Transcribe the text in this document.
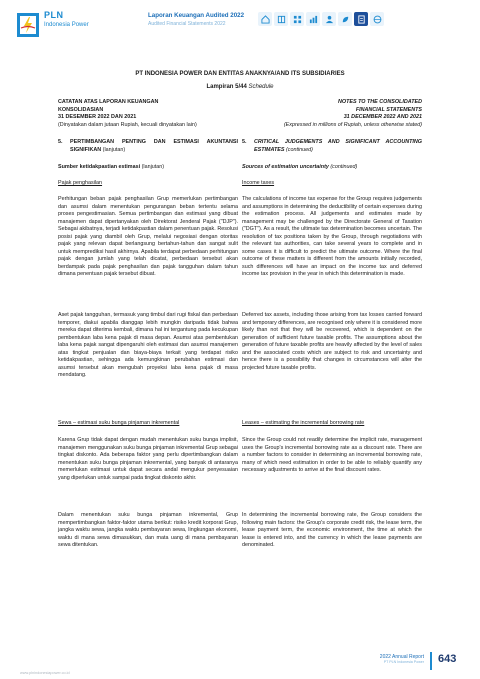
PLN
Indonesia Power
Laporan Keuangan Audited 2022
Audited Financial Statements 2022
PT INDONESIA POWER DAN ENTITAS ANAKNYA/AND ITS SUBSIDIARIES
Lampiran 5/44 Schedule
CATATAN ATAS LAPORAN KEUANGAN
KONSOLIDASIAN
31 DESEMBER 2022 DAN 2021
(Dinyatakan dalam jutaan Rupiah, kecuali dinyatakan lain)
5.	PERTIMBANGAN PENTING DAN ESTIMASI AKUNTANSI SIGNIFIKAN (lanjutan)
Sumber ketidakpastian estimasi (lanjutan)
Pajak penghasilan
Perhitungan beban pajak penghasilan Grup memerlukan pertimbangan dan asumsi dalam menentukan pengurangan beban tertentu selama proses pengestimasian. Semua pertimbangan dan estimasi yang dibuat manajemen dapat dipertanyakan oleh Direktorat Jenderal Pajak ("DJP"). Sebagai akibatnya, terjadi ketidakpastian dalam penentuan pajak. Resolusi posisi pajak yang diambil oleh Grup, melalui negosiasi dengan otoritas pajak yang relevan dapat berlangsung bertahun-tahun dan sangat sulit untuk memprediksi hasil akhirnya. Apabila terdapat perbedaan perhitungan pajak dengan jumlah yang telah dicatat, perbedaan tersebut akan berdampak pada pajak penghasilan dan pajak tangguhan dalam tahun dimana penentuan pajak tersebut dibuat.
Aset pajak tangguhan, termasuk yang timbul dari rugi fiskal dan perbedaan temporer, diakui apabila dianggap lebih mungkin daripada tidak bahwa mereka dapat diterima kembali, dimana hal ini tergantung pada kecukupan pembentukan laba kena pajak di masa depan. Asumsi atas pembentukan laba kena pajak sangat dipengaruhi oleh estimasi dan asumsi manajemen atas tingkat penjualan dan biaya-biaya terkait yang terdapat risiko ketidakpastian, sehingga ada kemungkinan perubahan estimasi dan asumsi tersebut akan mengubah proyeksi laba kena pajak di masa mendatang.
Sewa – estimasi suku bunga pinjaman inkremental
Karena Grup tidak dapat dengan mudah menentukan suku bunga implisit, manajemen menggunakan suku bunga pinjaman inkremental Grup sebagai tingkat diskonto. Ada beberapa faktor yang perlu dipertimbangkan dalam menentukan suku bunga pinjaman inkremental, yang banyak di antaranya memerlukan estimasi untuk dapat secara andal mengukur penyesuaian yang diperlukan untuk sampai pada tingkat diskonto akhir.
Dalam menentukan suku bunga pinjaman inkremental, Grup mempertimbangkan faktor-faktor utama berikut: risiko kredit korporat Grup, jangka waktu sewa, jangka waktu pembayaran sewa, lingkungan ekonomi, waktu di mana sewa dimasukkan, dan mata uang di mana pembayaran sewa ditentukan.
NOTES TO THE CONSOLIDATED
FINANCIAL STATEMENTS
31 DECEMBER 2022 AND 2021
(Expressed in millions of Rupiah, unless otherwise stated)
5.	CRITICAL JUDGEMENTS AND SIGNIFICANT ACCOUNTING ESTIMATES (continued)
Sources of estimation uncertainty (continued)
Income taxes
The calculations of income tax expense for the Group requires judgements and assumptions in determining the deductibility of certain expenses during the estimation process. All judgements and estimates made by management may be challenged by the Directorate General of Taxation ("DGT"). As a result, the ultimate tax determination becomes uncertain. The resolution of tax positions taken by the Group, through negotiations with the relevant tax authorities, can take several years to complete and in some cases it is difficult to predict the ultimate outcome. Where the final outcome of these matters is different from the amounts initially recorded, such differences will have an impact on the income tax and deferred income tax provision in the year in which this determination is made.
Deferred tax assets, including those arising from tax losses carried forward and temporary differences, are recognised only where it is considered more likely than not that they will be recovered, which is dependent on the generation of sufficient future taxable profits. The assumptions about the generation of future taxable profits are heavily affected by the level of sales and the associated costs which are subject to risk and uncertainty and hence there is a possibility that changes in circumstances will alter the projected future taxable profits.
Leases – estimating the incremental borrowing rate
Since the Group could not readily determine the implicit rate, management uses the Group's incremental borrowing rate as a discount rate. There are a number factors to consider in determining an incremental borrowing rate, many of which need estimation in order to be able to reliably quantify any necessary adjustments to arrive at the final discount rates.
In determining the incremental borrowing rate, the Group considers the following main factors: the Group's corporate credit risk, the lease term, the lease payment term, the economic environment, the time at which the lease is entered into, and the currency in which the lease payments are denominated.
www.plnindonesiapower.co.id
2022 Annual Report
PT PLN Indonesia Power 643
